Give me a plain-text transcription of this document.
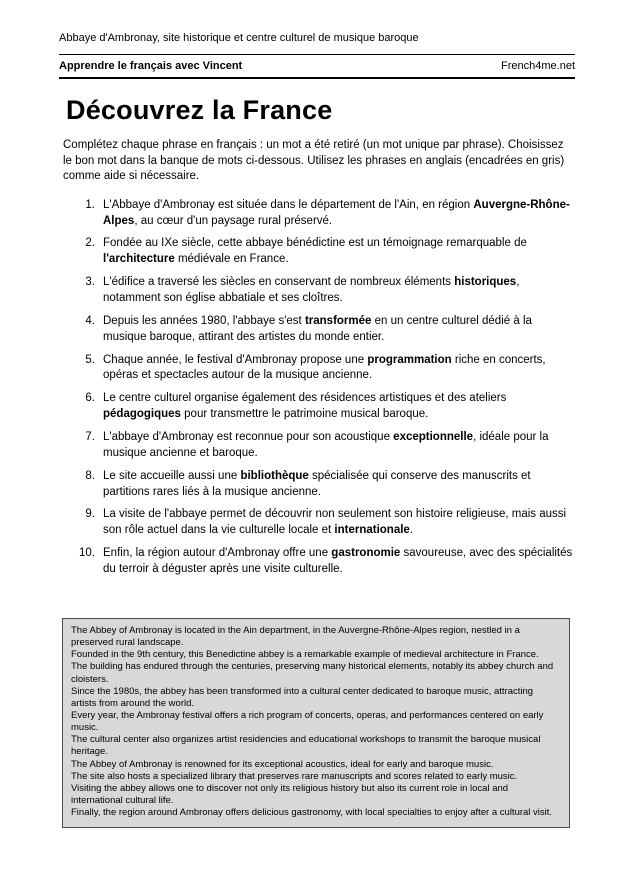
Abbaye d'Ambronay, site historique et centre culturel de musique baroque
Apprendre le français avec Vincent	French4me.net
Découvrez la France

Complétez chaque phrase en français : un mot a été retiré (un mot unique par phrase). Choisissez le bon mot dans la banque de mots ci-dessous. Utilisez les phrases en anglais (encadrées en gris) comme aide si nécessaire.

1. L'Abbaye d'Ambronay est située dans le département de l'Ain, en région Auvergne-Rhône-Alpes, au cœur d'un paysage rural préservé.
2. Fondée au IXe siècle, cette abbaye bénédictine est un témoignage remarquable de l'architecture médiévale en France.
3. L'édifice a traversé les siècles en conservant de nombreux éléments historiques, notamment son église abbatiale et ses cloîtres.
4. Depuis les années 1980, l'abbaye s'est transformée en un centre culturel dédié à la musique baroque, attirant des artistes du monde entier.
5. Chaque année, le festival d'Ambronay propose une programmation riche en concerts, opéras et spectacles autour de la musique ancienne.
6. Le centre culturel organise également des résidences artistiques et des ateliers pédagogiques pour transmettre le patrimoine musical baroque.
7. L'abbaye d'Ambronay est reconnue pour son acoustique exceptionnelle, idéale pour la musique ancienne et baroque.
8. Le site accueille aussi une bibliothèque spécialisée qui conserve des manuscrits et partitions rares liés à la musique ancienne.
9. La visite de l'abbaye permet de découvrir non seulement son histoire religieuse, mais aussi son rôle actuel dans la vie culturelle locale et internationale.
10. Enfin, la région autour d'Ambronay offre une gastronomie savoureuse, avec des spécialités du terroir à déguster après une visite culturelle.

The Abbey of Ambronay is located in the Ain department, in the Auvergne-Rhône-Alpes region, nestled in a preserved rural landscape.

Founded in the 9th century, this Benedictine abbey is a remarkable example of medieval architecture in France.

The building has endured through the centuries, preserving many historical elements, notably its abbey church and cloisters.

Since the 1980s, the abbey has been transformed into a cultural center dedicated to baroque music, attracting artists from around the world.

Every year, the Ambronay festival offers a rich program of concerts, operas, and performances centered on early music.

The cultural center also organizes artist residencies and educational workshops to transmit the baroque musical heritage.

The Abbey of Ambronay is renowned for its exceptional acoustics, ideal for early and baroque music.

The site also hosts a specialized library that preserves rare manuscripts and scores related to early music.

Visiting the abbey allows one to discover not only its religious history but also its current role in local and international cultural life.

Finally, the region around Ambronay offers delicious gastronomy, with local specialties to enjoy after a cultural visit.
